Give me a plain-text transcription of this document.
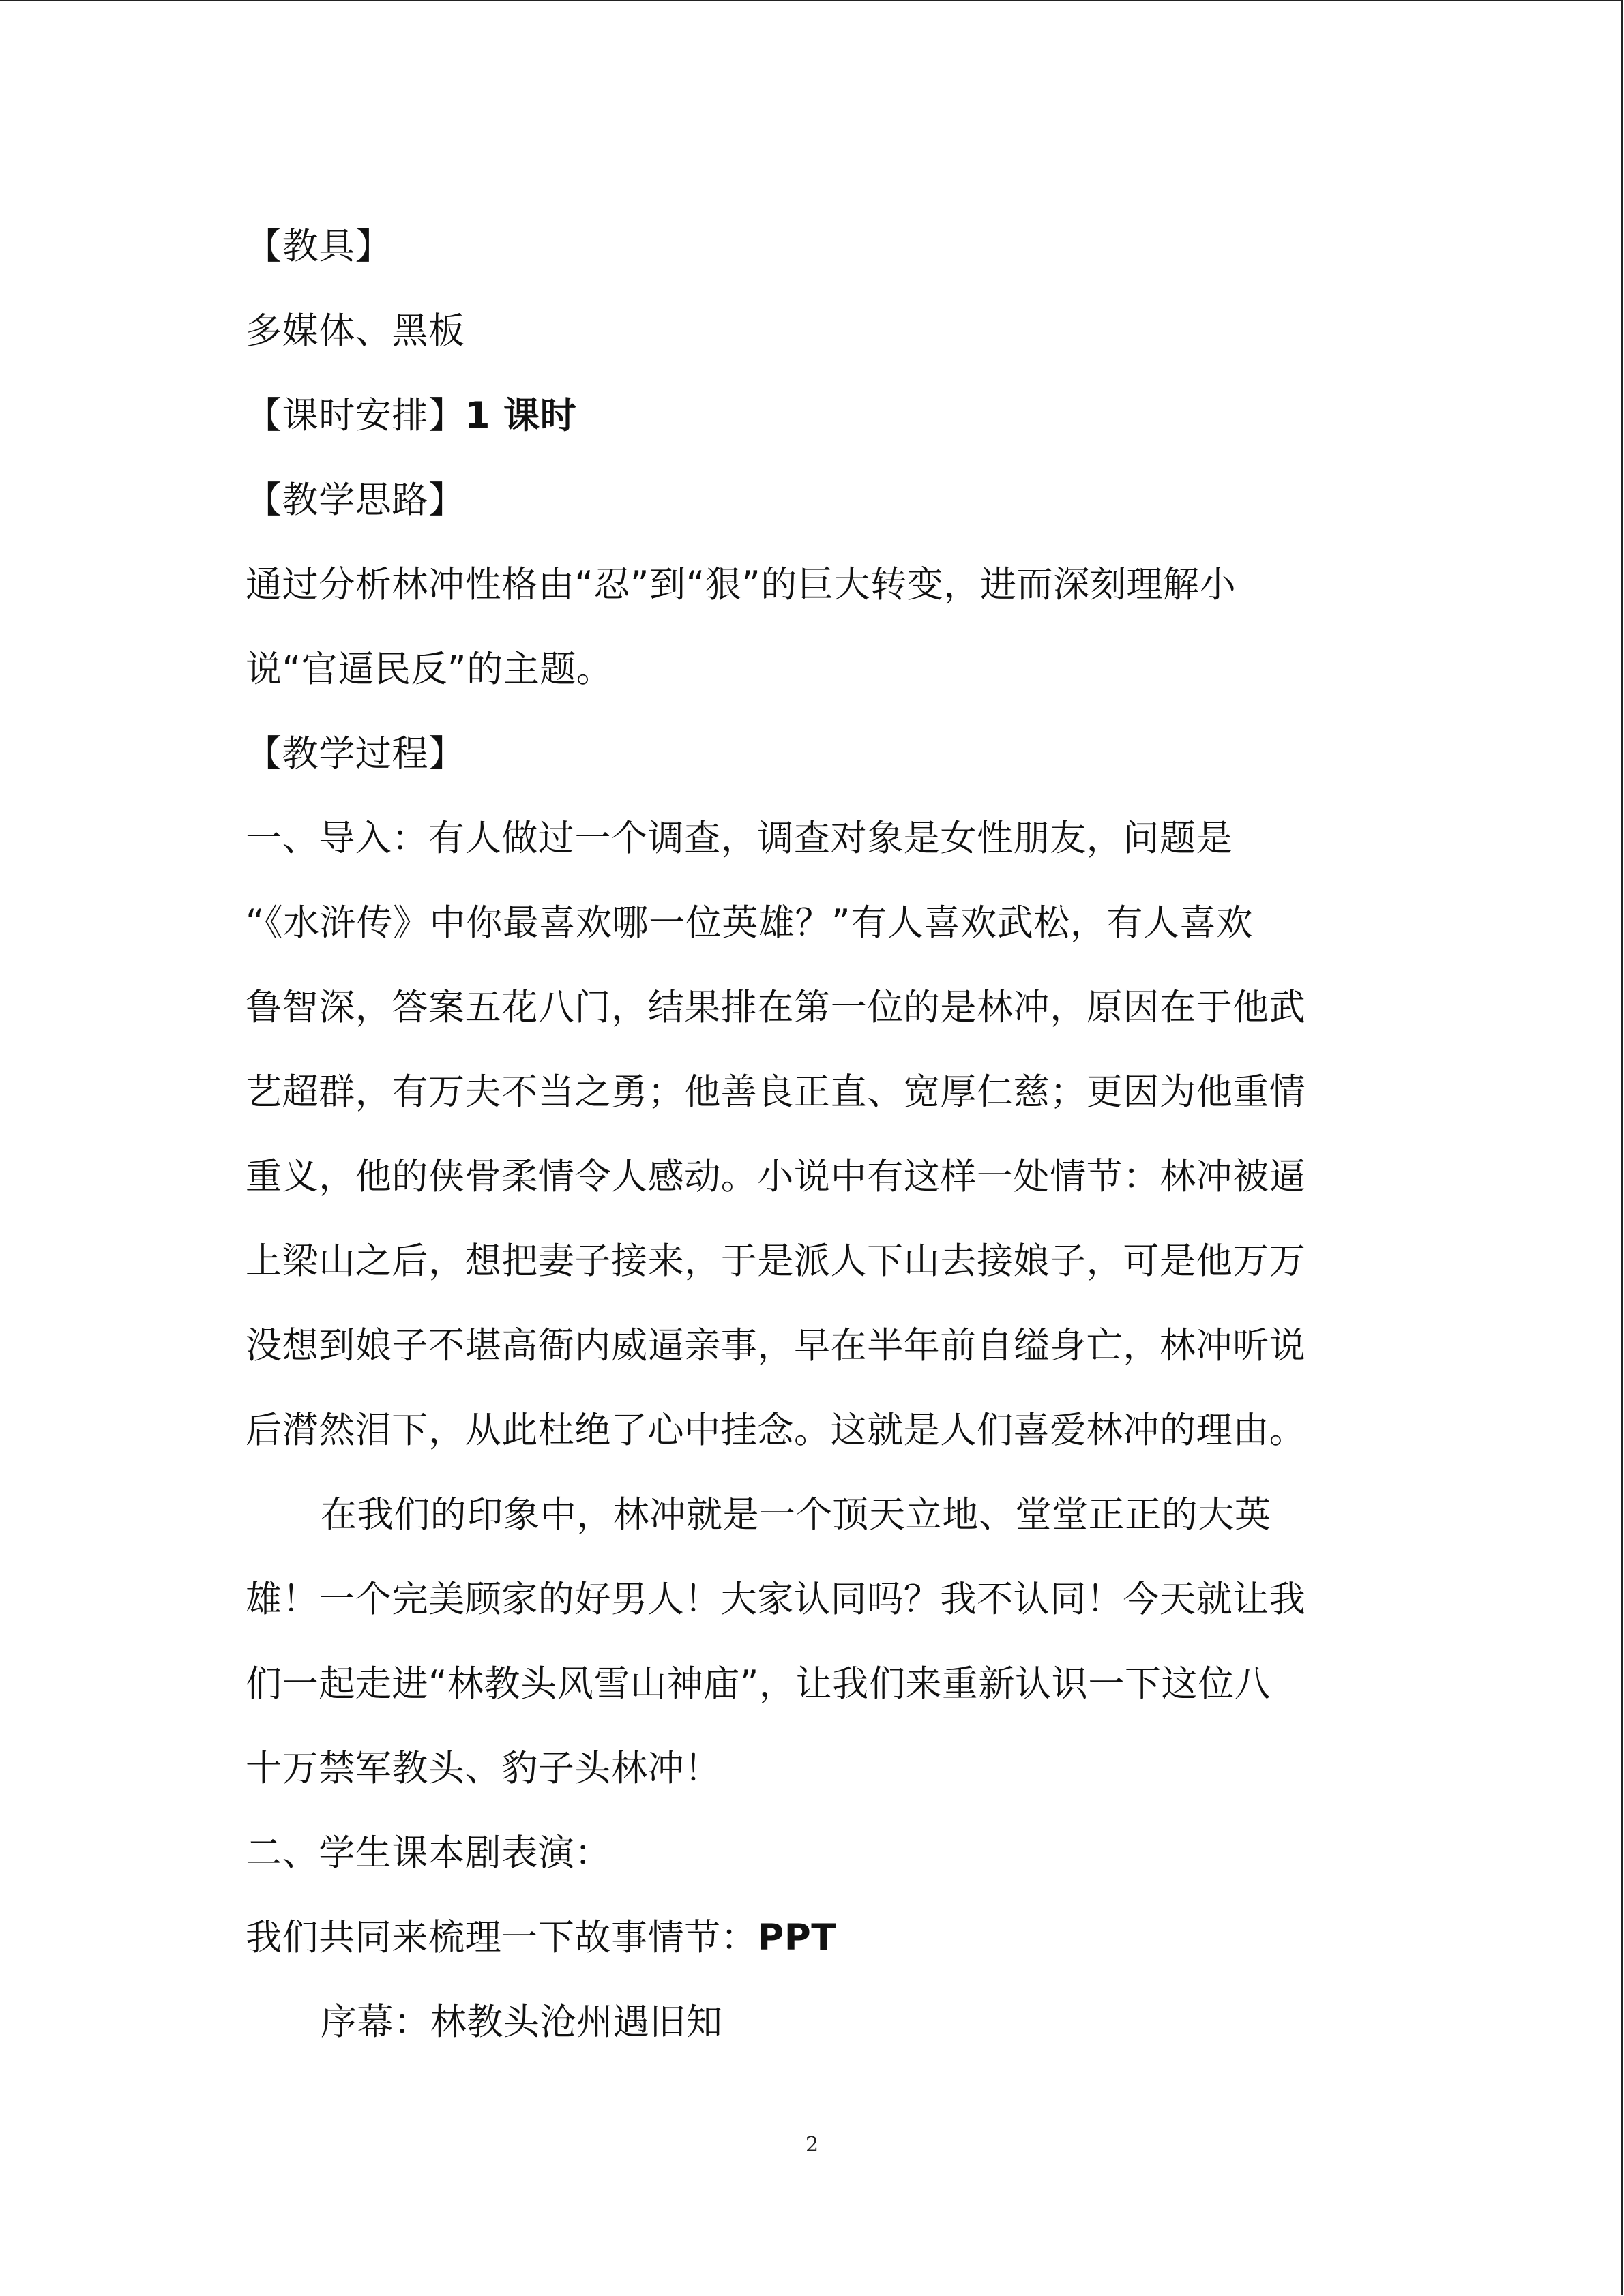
【教具】
多媒体、黑板
【课时安排】1 课时
【教学思路】
通过分析林冲性格由“忍”到“狠”的巨大转变，进而深刻理解小
说“官逼民反”的主题。
【教学过程】
一、导入：有人做过一个调查，调查对象是女性朋友，问题是
“《水浒传》中你最喜欢哪一位英雄？”有人喜欢武松，有人喜欢
鲁智深，答案五花八门，结果排在第一位的是林冲，原因在于他武
艺超群，有万夫不当之勇；他善良正直、宽厚仁慈；更因为他重情
重义，他的侠骨柔情令人感动。小说中有这样一处情节：林冲被逼
上梁山之后，想把妻子接来，于是派人下山去接娘子，可是他万万
没想到娘子不堪高衙内威逼亲事，早在半年前自缢身亡，林冲听说
后潸然泪下，从此杜绝了心中挂念。这就是人们喜爱林冲的理由。
在我们的印象中，林冲就是一个顶天立地、堂堂正正的大英
雄！一个完美顾家的好男人！大家认同吗？我不认同！今天就让我
们一起走进“林教头风雪山神庙”，让我们来重新认识一下这位八
十万禁军教头、豹子头林冲！
二、学生课本剧表演：
我们共同来梳理一下故事情节：PPT
序幕：林教头沧州遇旧知
2
